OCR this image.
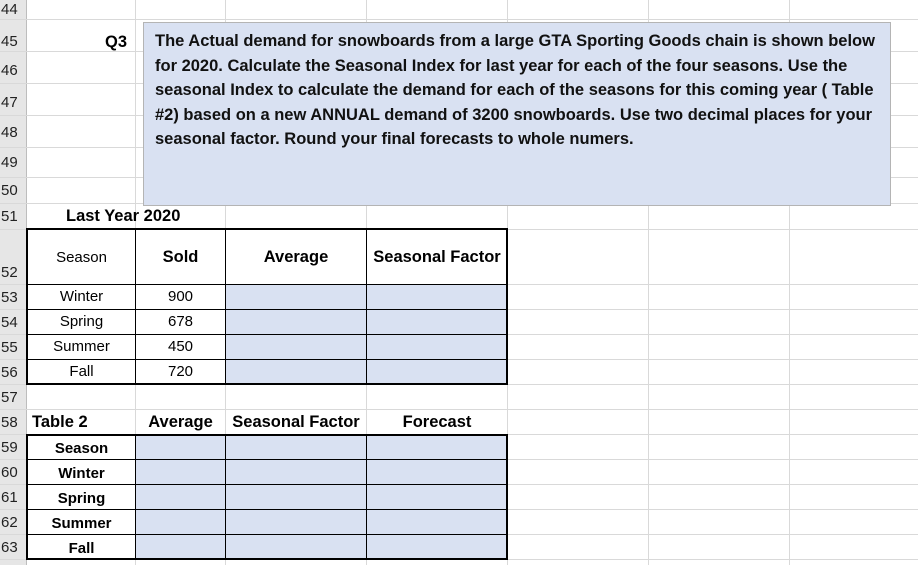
44
45
46
47
48
49
50
51
52
53
54
55
56
57
58
59
60
61
62
63
Q3 The Actual demand for snowboards from a large GTA Sporting Goods chain is shown below for 2020. Calculate the Seasonal Index for last year for each of the four seasons. Use the seasonal Index to calculate the demand for each of the seasons for this coming year ( Table #2) based on a new ANNUAL demand of 3200 snowboards. Use two decimal places for your seasonal factor. Round your final forecasts to whole numers.
Last Year 2020
Season	Sold	Average	Seasonal Factor
Winter	900
Spring	678
Summer	450
Fall	720
Table 2	Average	Seasonal Factor	Forecast
Season
Winter
Spring
Summer
Fall
